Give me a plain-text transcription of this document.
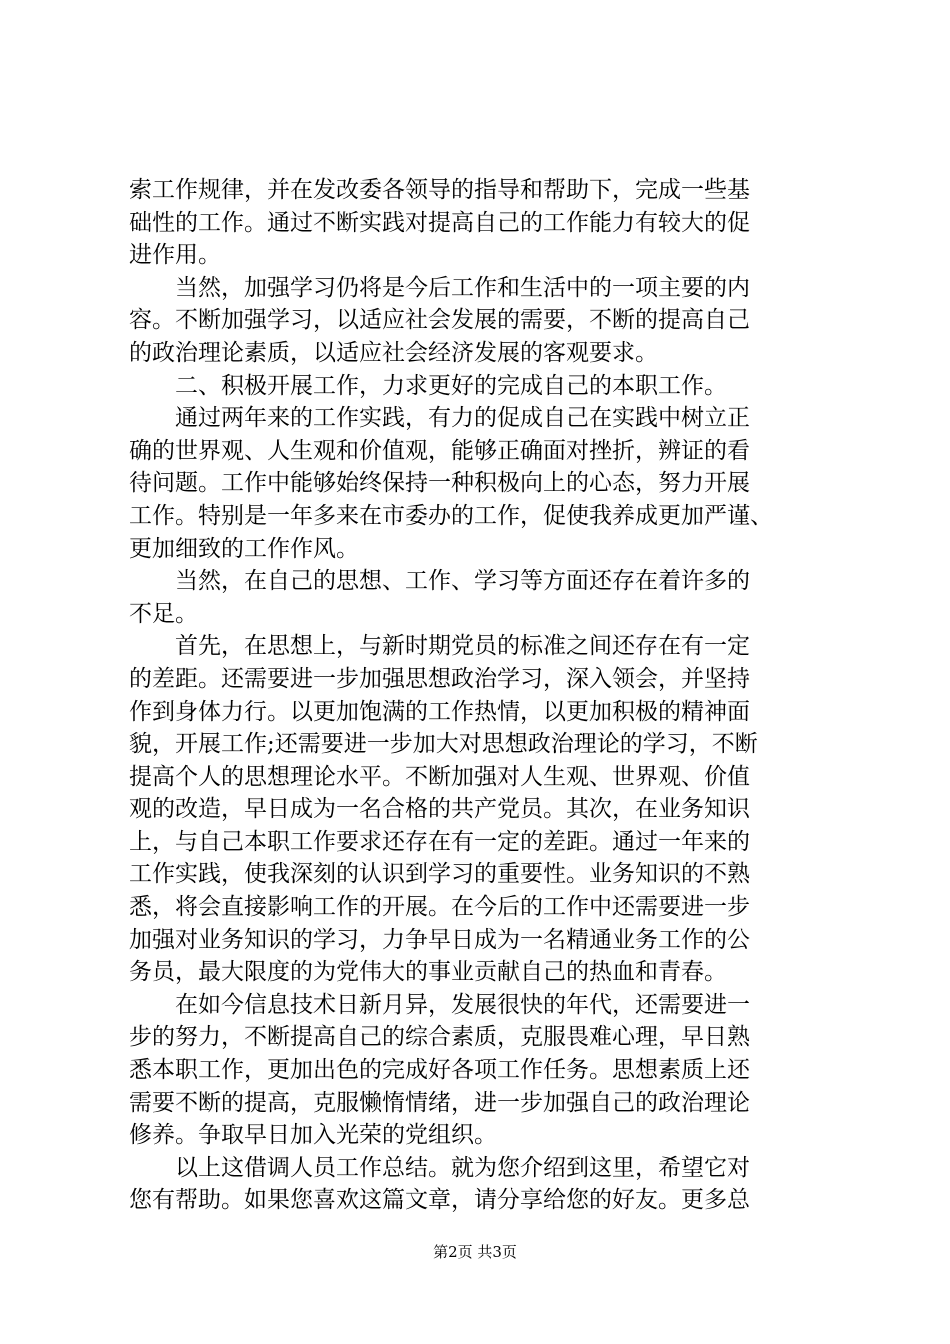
索工作规律，并在发改委各领导的指导和帮助下，完成一些基
础性的工作。通过不断实践对提高自己的工作能力有较大的促
进作用。
当然，加强学习仍将是今后工作和生活中的一项主要的内
容。不断加强学习，以适应社会发展的需要，不断的提高自己
的政治理论素质，以适应社会经济发展的客观要求。
二、积极开展工作，力求更好的完成自己的本职工作。
通过两年来的工作实践，有力的促成自己在实践中树立正
确的世界观、人生观和价值观，能够正确面对挫折，辨证的看
待问题。工作中能够始终保持一种积极向上的心态，努力开展
工作。特别是一年多来在市委办的工作，促使我养成更加严谨、
更加细致的工作作风。
当然，在自己的思想、工作、学习等方面还存在着许多的
不足。
首先，在思想上，与新时期党员的标准之间还存在有一定
的差距。还需要进一步加强思想政治学习，深入领会，并坚持
作到身体力行。以更加饱满的工作热情，以更加积极的精神面
貌，开展工作;还需要进一步加大对思想政治理论的学习，不断
提高个人的思想理论水平。不断加强对人生观、世界观、价值
观的改造，早日成为一名合格的共产党员。其次，在业务知识
上，与自己本职工作要求还存在有一定的差距。通过一年来的
工作实践，使我深刻的认识到学习的重要性。业务知识的不熟
悉，将会直接影响工作的开展。在今后的工作中还需要进一步
加强对业务知识的学习，力争早日成为一名精通业务工作的公
务员，最大限度的为党伟大的事业贡献自己的热血和青春。
在如今信息技术日新月异，发展很快的年代，还需要进一
步的努力，不断提高自己的综合素质，克服畏难心理，早日熟
悉本职工作，更加出色的完成好各项工作任务。思想素质上还
需要不断的提高，克服懒惰情绪，进一步加强自己的政治理论
修养。争取早日加入光荣的党组织。
以上这借调人员工作总结。就为您介绍到这里，希望它对
您有帮助。如果您喜欢这篇文章，请分享给您的好友。更多总
第2页 共3页
